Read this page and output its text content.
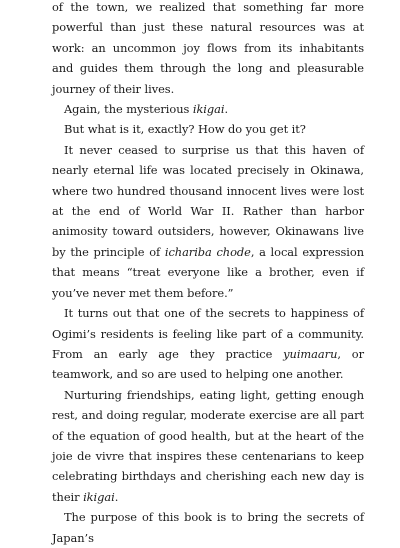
of the town, we realized that something far more powerful than just these natural resources was at work: an uncommon joy flows from its inhabitants and guides them through the long and pleasurable journey of their lives.

Again, the mysterious ikigai.

But what is it, exactly? How do you get it?

It never ceased to surprise us that this haven of nearly eternal life was located precisely in Okinawa, where two hundred thousand innocent lives were lost at the end of World War II. Rather than harbor animosity toward outsiders, however, Okinawans live by the principle of ichariba chode, a local expression that means “treat everyone like a brother, even if you’ve never met them before.”

It turns out that one of the secrets to happiness of Ogimi’s residents is feeling like part of a community. From an early age they practice yuimaaru, or teamwork, and so are used to helping one another.

Nurturing friendships, eating light, getting enough rest, and doing regular, moderate exercise are all part of the equation of good health, but at the heart of the joie de vivre that inspires these centenarians to keep celebrating birthdays and cherishing each new day is their ikigai.

The purpose of this book is to bring the secrets of Japan’s
